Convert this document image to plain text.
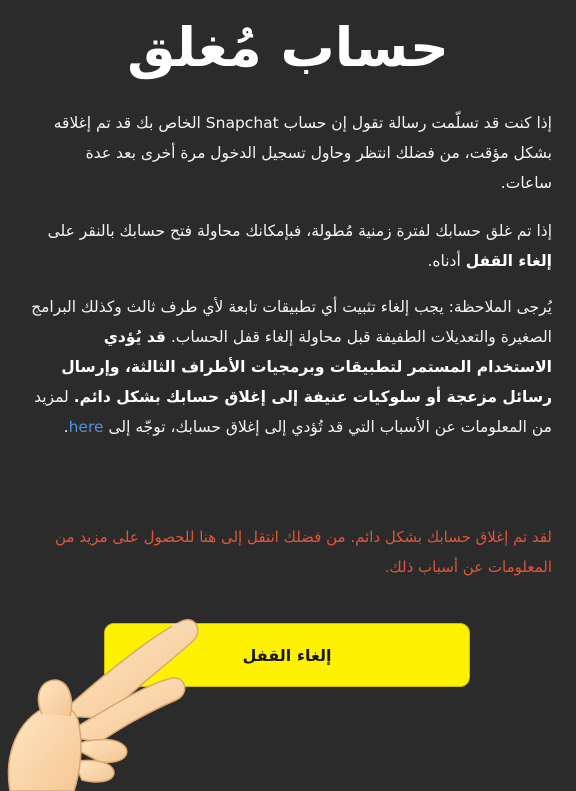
حساب مُغلق

إذا كنت قد تسلّمت رسالة تقول إن حساب Snapchat الخاص بك قد تم إغلاقه بشكل مؤقت، من فضلك انتظر وحاول تسجيل الدخول مرة أخرى بعد عدة ساعات.

إذا تم غلق حسابك لفترة زمنية مُطولة، فبإمكانك محاولة فتح حسابك بالنقر على إلغاء القفل أدناه.

يُرجى الملاحظة: يجب إلغاء تثبيت أي تطبيقات تابعة لأي طرف ثالث وكذلك البرامج الصغيرة والتعديلات الطفيفة قبل محاولة إلغاء قفل الحساب. قد يُؤدي الاستخدام المستمر لتطبيقات وبرمجيات الأطراف الثالثة، وإرسال رسائل مزعجة أو سلوكيات عنيفة إلى إغلاق حسابك بشكل دائم. لمزيد من المعلومات عن الأسباب التي قد تُؤدي إلى إغلاق حسابك، توجّه إلى here.

لقد تم إغلاق حسابك بشكل دائم. من فضلك انتقل إلى هنا للحصول على مزيد من المعلومات عن أسباب ذلك.

إلغاء القفل
